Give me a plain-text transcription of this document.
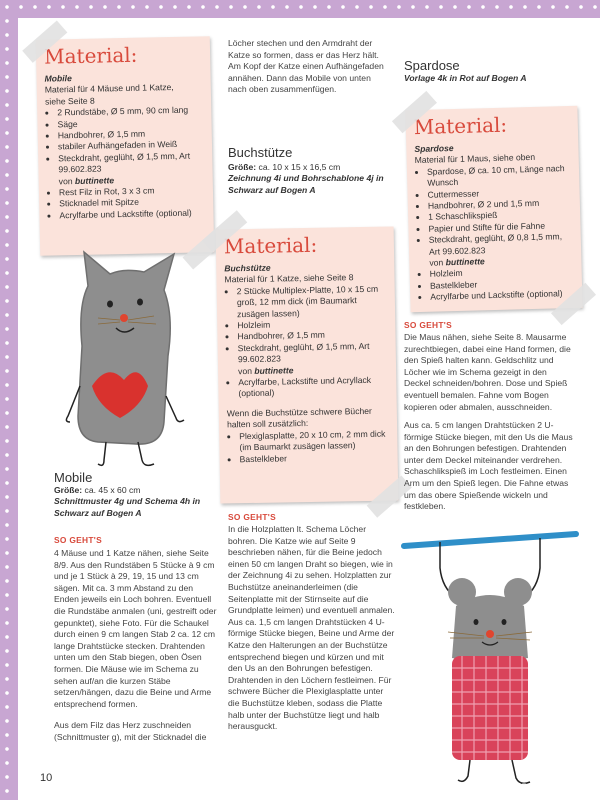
Material:
Mobile
Material für 4 Mäuse und 1 Katze,
siehe Seite 8
• 2 Rundstäbe, Ø 5 mm, 90 cm lang
• Säge
• Handbohrer, Ø 1,5 mm
• stabiler Aufhängefaden in Weiß
• Steckdraht, geglüht, Ø 1,5 mm, Art 99.602.823
von buttinette
• Rest Filz in Rot, 3 x 3 cm
• Sticknadel mit Spitze
• Acrylfarbe und Lackstifte (optional)
Löcher stechen und den Armdraht der Katze so formen, dass er das Herz hält. Am Kopf der Katze einen Aufhängefaden annähen. Dann das Mobile von unten nach oben zusammenfügen.
Buchstütze
Größe: ca. 10 x 15 x 16,5 cm
Zeichnung 4i und Bohrschablone 4j in Schwarz auf Bogen A
Material:
Buchstütze
Material für 1 Katze, siehe Seite 8
• 2 Stücke Multiplex-Platte, 10 x 15 cm groß, 12 mm dick (im Baumarkt zusägen lassen)
• Holzleim
• Handbohrer, Ø 1,5 mm
• Steckdraht, geglüht, Ø 1,5 mm, Art 99.602.823
von buttinette
• Acrylfarbe, Lackstifte und Acryllack (optional)
Wenn die Buchstütze schwere Bücher halten soll zusätzlich:
• Plexiglasplatte, 20 x 10 cm, 2 mm dick (im Baumarkt zusägen lassen)
• Bastelkleber
Spardose
Vorlage 4k in Rot auf Bogen A
Material:
Spardose
Material für 1 Maus, siehe oben
• Spardose, Ø ca. 10 cm, Länge nach Wunsch
• Cuttermesser
• Handbohrer, Ø 2 und 1,5 mm
• 1 Schaschlikspieß
• Papier und Stifte für die Fahne
• Steckdraht, geglüht, Ø 0,8 1,5 mm, Art 99.602.823
von buttinette
• Holzleim
• Bastelkleber
• Acrylfarbe und Lackstifte (optional)
Mobile
Größe: ca. 45 x 60 cm
Schnittmuster 4g und Schema 4h in Schwarz auf Bogen A
SO GEHT'S
4 Mäuse und 1 Katze nähen, siehe Seite 8/9. Aus den Rundstäben 5 Stücke à 9 cm und je 1 Stück à 29, 19, 15 und 13 cm sägen. Mit ca. 3 mm Abstand zu den Enden jeweils ein Loch bohren. Eventuell die Rundstäbe anmalen (uni, gestreift oder gepunktet), siehe Foto. Für die Schaukel durch einen 9 cm langen Stab 2 ca. 12 cm lange Drahtstücke stecken. Drahtenden unten um den Stab biegen, oben Ösen formen. Die Mäuse wie im Schema zu sehen auf/an die kurzen Stäbe setzen/hängen, dazu die Beine und Arme entsprechend formen.
Aus dem Filz das Herz zuschneiden (Schnittmuster g), mit der Sticknadel die
SO GEHT'S
In die Holzplatten lt. Schema Löcher bohren. Die Katze wie auf Seite 9 beschrieben nähen, für die Beine jedoch einen 50 cm langen Draht so biegen, wie in der Zeichnung 4i zu sehen. Holzplatten zur Buchstütze aneinanderleimen (die Seitenplatte mit der Stirnseite auf die Grundplatte leimen) und eventuell anmalen. Aus ca. 1,5 cm langen Drahtstücken 4 U-förmige Stücke biegen, Beine und Arme der Katze den Halterungen an der Buchstütze entsprechend biegen und kürzen und mit den Us an den Bohrungen befestigen. Drahtenden in den Löchern festleimen. Für schwere Bücher die Plexiglasplatte unter die Buchstütze kleben, sodass die Platte halb unter der Buchstütze liegt und halb herausguckt.
SO GEHT'S
Die Maus nähen, siehe Seite 8. Mausarme zurechtbiegen, dabei eine Hand formen, die den Spieß halten kann. Geldschlitz und Löcher wie im Schema gezeigt in den Deckel schneiden/bohren. Dose und Spieß eventuell bemalen. Fahne vom Bogen kopieren oder abmalen, ausschneiden.
Aus ca. 5 cm langen Drahtstücken 2 U-förmige Stücke biegen, mit den Us die Maus an den Bohrungen befestigen. Drahtenden unter dem Deckel miteinander verdrehen. Schaschlikspieß im Loch festleimen. Einen Arm um den Spieß legen. Die Fahne etwas um das obere Spießende wickeln und festkleben.
10
PassionForum.ru
